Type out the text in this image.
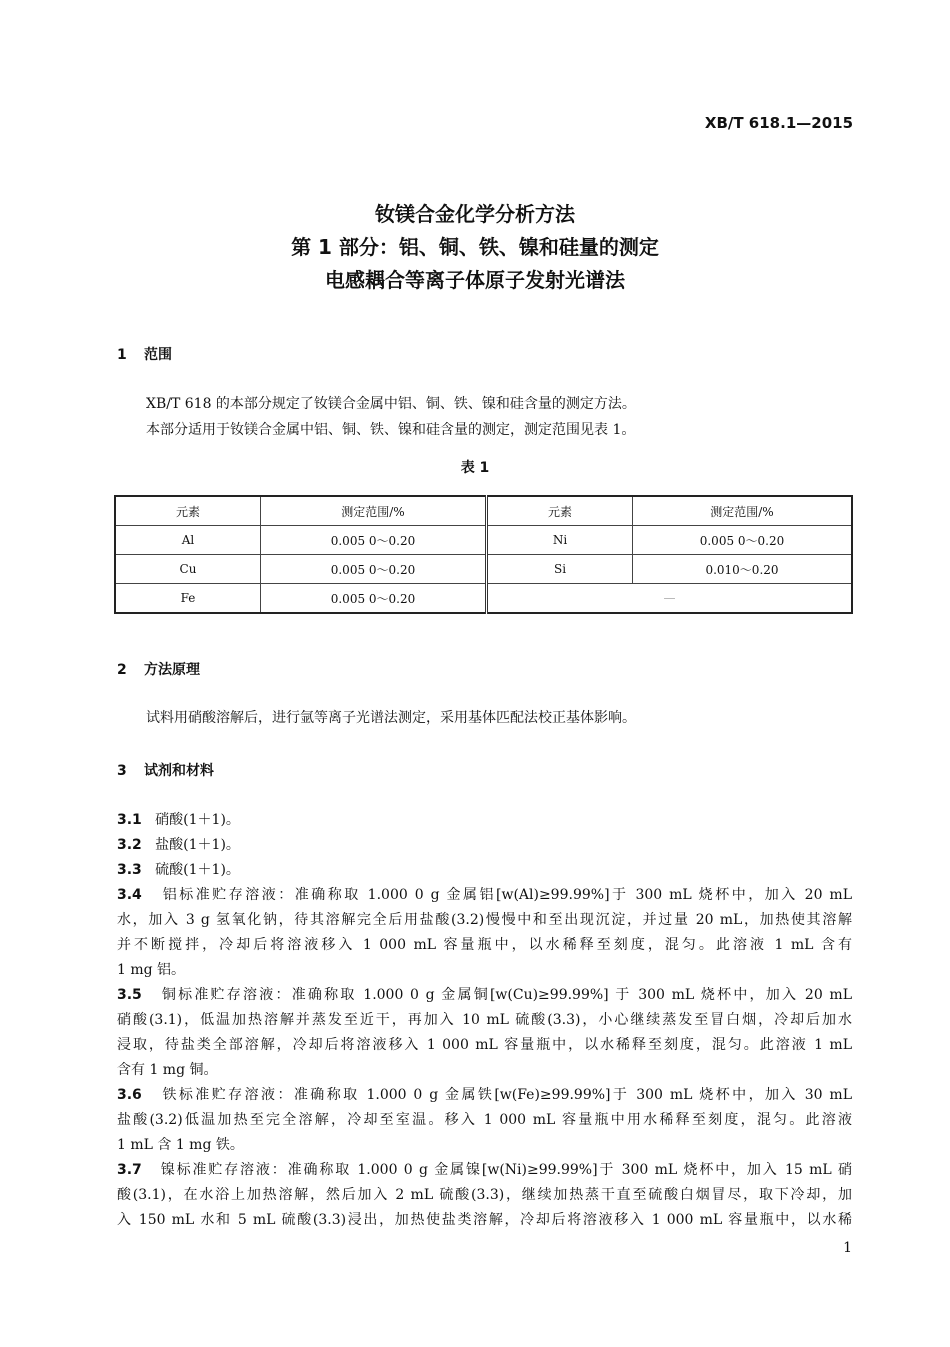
XB/T 618.1—2015
钕镁合金化学分析方法
第 1 部分：铝、铜、铁、镍和硅量的测定
电感耦合等离子体原子发射光谱法
1 范围
XB/T 618 的本部分规定了钕镁合金属中铝、铜、铁、镍和硅含量的测定方法。
本部分适用于钕镁合金属中铝、铜、铁、镍和硅含量的测定，测定范围见表 1。
表 1
元素	测定范围/%	元素	测定范围/%
Al	0.005 0～0.20	Ni	0.005 0～0.20
Cu	0.005 0～0.20	Si	0.010～0.20
Fe	0.005 0～0.20	—	
2 方法原理
试料用硝酸溶解后，进行氩等离子光谱法测定，采用基体匹配法校正基体影响。
3 试剂和材料
3.1 硝酸(1＋1)。
3.2 盐酸(1＋1)。
3.3 硫酸(1＋1)。
3.4 铝标准贮存溶液：准确称取 1.000 0 g 金属铝[w(Al)≥99.99%]于 300 mL 烧杯中，加入 20 mL
水，加入 3 g 氢氧化钠，待其溶解完全后用盐酸(3.2)慢慢中和至出现沉淀，并过量 20 mL，加热使其溶解
并不断搅拌，冷却后将溶液移入 1 000 mL 容量瓶中，以水稀释至刻度，混匀。此溶液 1 mL 含有
1 mg 铝。
3.5 铜标准贮存溶液：准确称取 1.000 0 g 金属铜[w(Cu)≥99.99%] 于 300 mL 烧杯中，加入 20 mL
硝酸(3.1)，低温加热溶解并蒸发至近干，再加入 10 mL 硫酸(3.3)，小心继续蒸发至冒白烟，冷却后加水
浸取，待盐类全部溶解，冷却后将溶液移入 1 000 mL 容量瓶中，以水稀释至刻度，混匀。此溶液 1 mL
含有 1 mg 铜。
3.6 铁标准贮存溶液：准确称取 1.000 0 g 金属铁[w(Fe)≥99.99%]于 300 mL 烧杯中，加入 30 mL
盐酸(3.2)低温加热至完全溶解，冷却至室温。移入 1 000 mL 容量瓶中用水稀释至刻度，混匀。此溶液
1 mL 含 1 mg 铁。
3.7 镍标准贮存溶液：准确称取 1.000 0 g 金属镍[w(Ni)≥99.99%]于 300 mL 烧杯中，加入 15 mL 硝
酸(3.1)，在水浴上加热溶解，然后加入 2 mL 硫酸(3.3)，继续加热蒸干直至硫酸白烟冒尽，取下冷却，加
入 150 mL 水和 5 mL 硫酸(3.3)浸出，加热使盐类溶解，冷却后将溶液移入 1 000 mL 容量瓶中，以水稀
1
